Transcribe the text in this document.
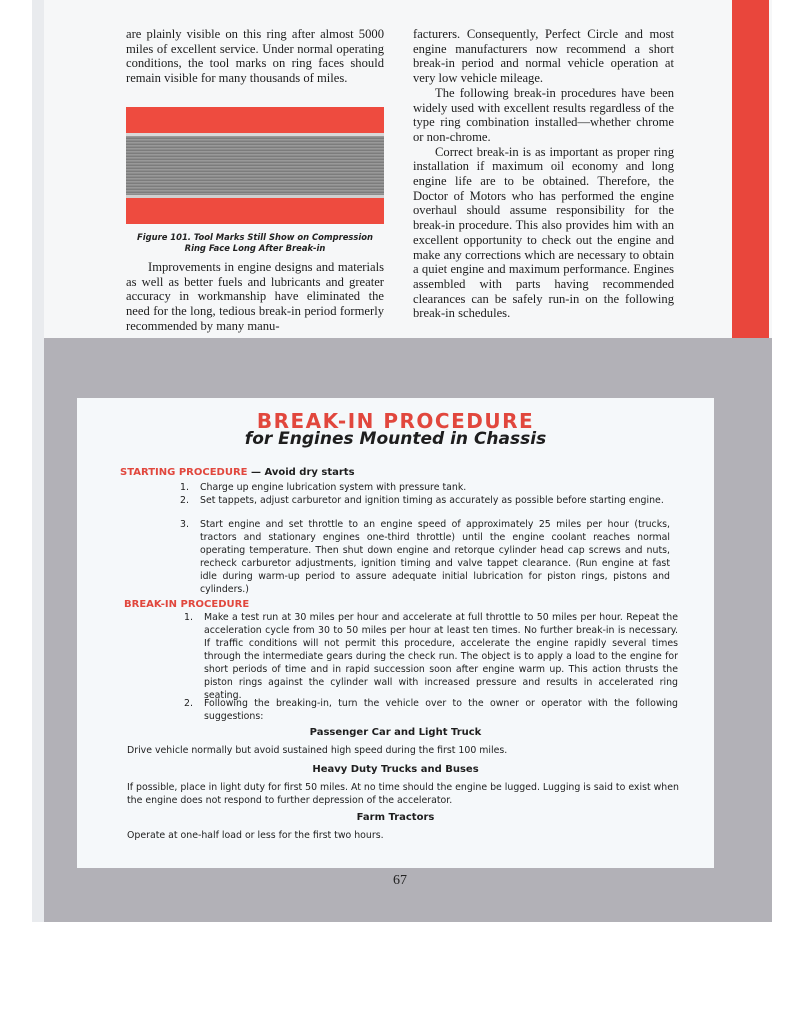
are plainly visible on this ring after almost 5000 miles of excellent service. Under normal operating conditions, the tool marks on ring faces should remain visible for many thousands of miles.

Figure 101. Tool Marks Still Show on Compression
Ring Face Long After Break-in

Improvements in engine designs and materials as well as better fuels and lubricants and greater accuracy in workmanship have eliminated the need for the long, tedious break-in period formerly recommended by many manu-

facturers. Consequently, Perfect Circle and most engine manufacturers now recommend a short break-in period and normal vehicle operation at very low vehicle mileage.

The following break-in procedures have been widely used with excellent results regardless of the type ring combination installed—whether chrome or non-chrome.

Correct break-in is as important as proper ring installation if maximum oil economy and long engine life are to be obtained. Therefore, the Doctor of Motors who has performed the engine overhaul should assume responsibility for the break-in procedure. This also provides him with an excellent opportunity to check out the engine and make any corrections which are necessary to obtain a quiet engine and maximum performance. Engines assembled with parts having recommended clearances can be safely run-in on the following break-in schedules.

BREAK-IN PROCEDURE
for Engines Mounted in Chassis
STARTING PROCEDURE — Avoid dry starts
1.	Charge up engine lubrication system with pressure tank.
2.	Set tappets, adjust carburetor and ignition timing as accurately as possible before starting engine.
3.	Start engine and set throttle to an engine speed of approximately 25 miles per hour (trucks, tractors and stationary engines one-third throttle) until the engine coolant reaches normal operating temperature. Then shut down engine and retorque cylinder head cap screws and nuts, recheck carburetor adjustments, ignition timing and valve tappet clearance. (Run engine at fast idle during warm-up period to assure adequate initial lubrication for piston rings, pistons and cylinders.)
BREAK-IN PROCEDURE
1.	Make a test run at 30 miles per hour and accelerate at full throttle to 50 miles per hour. Repeat the acceleration cycle from 30 to 50 miles per hour at least ten times. No further break-in is necessary. If traffic conditions will not permit this procedure, accelerate the engine rapidly several times through the intermediate gears during the check run. The object is to apply a load to the engine for short periods of time and in rapid succession soon after engine warm up. This action thrusts the piston rings against the cylinder wall with increased pressure and results in accelerated ring seating.
2.	Following the breaking-in, turn the vehicle over to the owner or operator with the following suggestions:
Passenger Car and Light Truck
Drive vehicle normally but avoid sustained high speed during the first 100 miles.
Heavy Duty Trucks and Buses
If possible, place in light duty for first 50 miles. At no time should the engine be lugged. Lugging is said to exist when the engine does not respond to further depression of the accelerator.
Farm Tractors
Operate at one-half load or less for the first two hours.
67
